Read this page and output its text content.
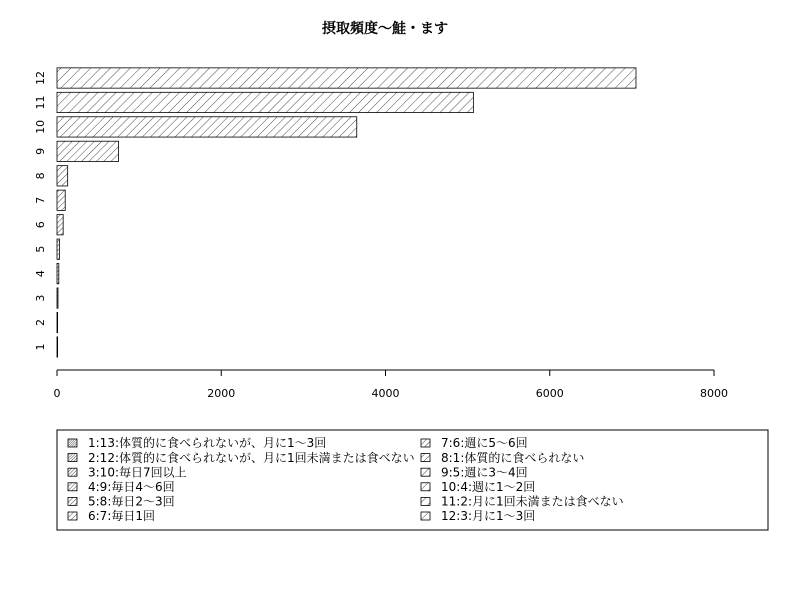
摂取頻度〜鮭・ます
1
2
3
4
5
6
7
8
9
10
11
12
0	2000	4000	6000	8000
1:13:体質的に食べられないが、月に1〜3回
2:12:体質的に食べられないが、月に1回未満または食べない
3:10:毎日7回以上
4:9:毎日4〜6回
5:8:毎日2〜3回
6:7:毎日1回
7:6:週に5〜6回
8:1:体質的に食べられない
9:5:週に3〜4回
10:4:週に1〜2回
11:2:月に1回未満または食べない
12:3:月に1〜3回
